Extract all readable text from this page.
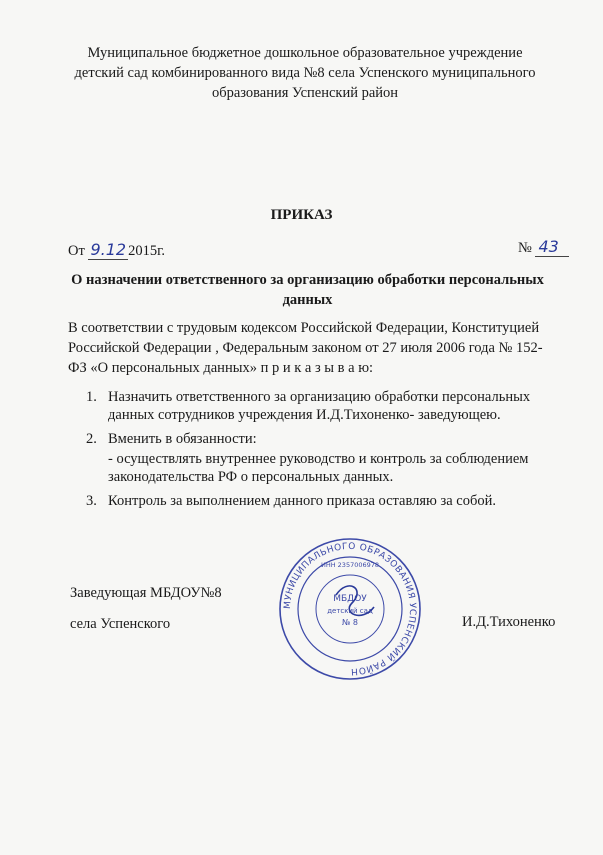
Муниципальное бюджетное дошкольное образовательное учреждение
детский сад комбинированного вида №8 села Успенского муниципального
образования Успенский район
ПРИКАЗ
От 9.12 2015г.	№ 43
О назначении ответственного за организацию обработки персональных
данных
В соответствии с трудовым кодексом Российской Федерации, Конституцией
Российской Федерации , Федеральным законом от 27 июля 2006 года № 152-
ФЗ «О персональных данных» п р и к а з ы в а ю:
1. Назначить ответственного за организацию обработки персональных
данных сотрудников учреждения И.Д.Тихоненко- заведующею.
2. Вменить в обязанности:
- осуществлять внутреннее руководство и контроль за соблюдением
законодательства РФ о персональных данных.
3. Контроль за выполнением данного приказа оставляю за собой.
Заведующая МБДОУ№8
села Успенского	И.Д.Тихоненко
МУНИЦИПАЛЬНОГО ОБРАЗОВАНИЯ УСПЕНСКИЙ РАЙОН
ИНН 2357006978
МБДОУ
детский сад
№ 8
